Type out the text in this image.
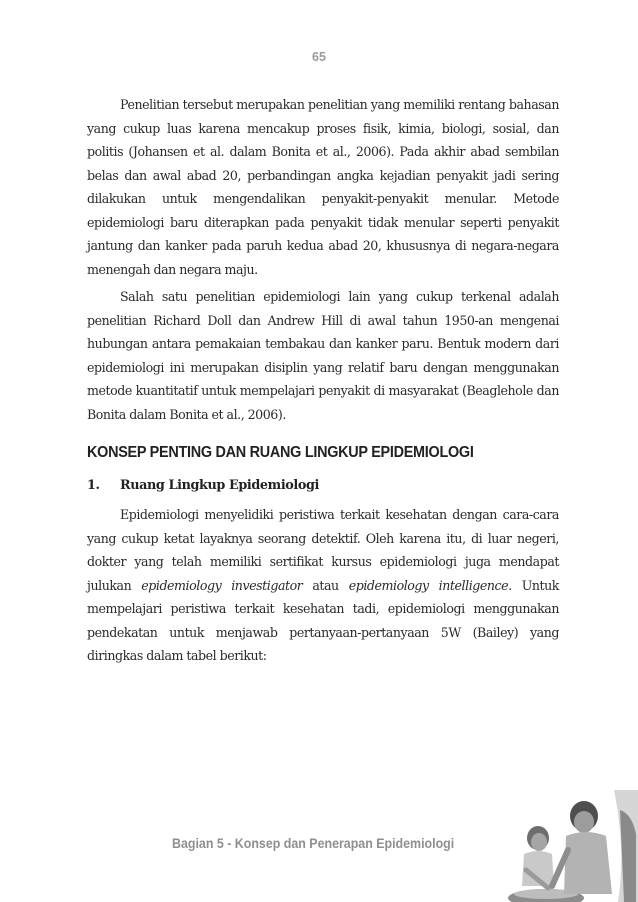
65

Penelitian tersebut merupakan penelitian yang memiliki rentang bahasan yang cukup luas karena mencakup proses fisik, kimia, biologi, sosial, dan politis (Johansen et al. dalam Bonita et al., 2006). Pada akhir abad sembilan belas dan awal abad 20, perbandingan angka kejadian penyakit jadi sering dilakukan untuk mengendalikan penyakit-penyakit menular. Metode epidemiologi baru diterapkan pada penyakit tidak menular seperti penyakit jantung dan kanker pada paruh kedua abad 20, khususnya di negara-negara menengah dan negara maju.

Salah satu penelitian epidemiologi lain yang cukup terkenal adalah penelitian Richard Doll dan Andrew Hill di awal tahun 1950-an mengenai hubungan antara pemakaian tembakau dan kanker paru. Bentuk modern dari epidemiologi ini merupakan disiplin yang relatif baru dengan menggunakan metode kuantitatif untuk mempelajari penyakit di masyarakat (Beaglehole dan Bonita dalam Bonita et al., 2006).

KONSEP PENTING DAN RUANG LINGKUP EPIDEMIOLOGI
1. Ruang Lingkup Epidemiologi

Epidemiologi menyelidiki peristiwa terkait kesehatan dengan cara-cara yang cukup ketat layaknya seorang detektif. Oleh karena itu, di luar negeri, dokter yang telah memiliki sertifikat kursus epidemiologi juga mendapat julukan epidemiology investigator atau epidemiology intelligence. Untuk mempelajari peristiwa terkait kesehatan tadi, epidemiologi menggunakan pendekatan untuk menjawab pertanyaan-pertanyaan 5W (Bailey) yang diringkas dalam tabel berikut:

Bagian 5 - Konsep dan Penerapan Epidemiologi
